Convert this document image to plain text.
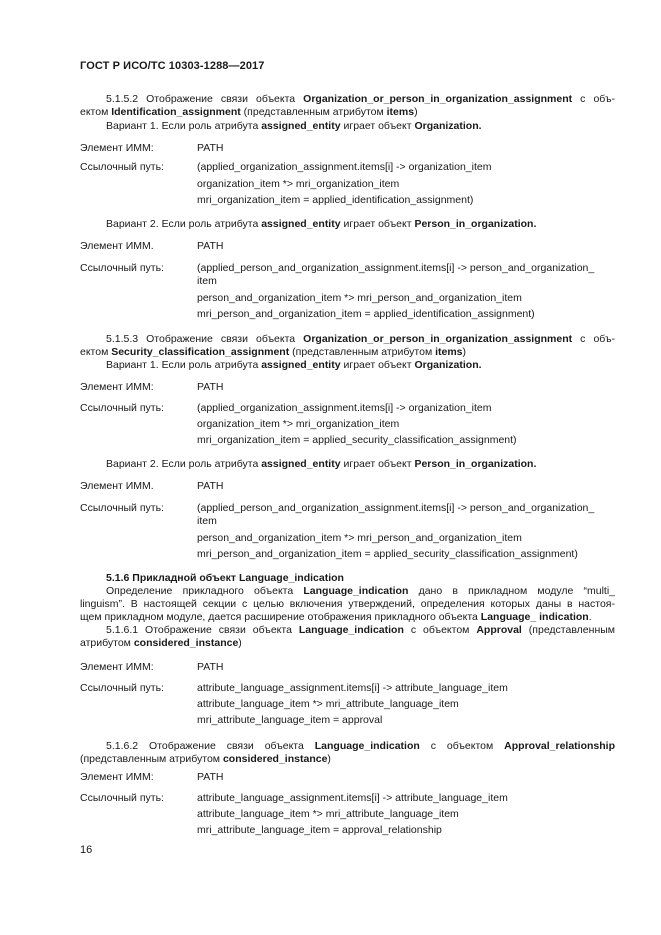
ГОСТ Р ИСО/ТС 10303-1288—2017
5.1.5.2 Отображение связи объекта Organization_or_person_in_organization_assignment с объ-
ектом Identification_assignment (представленным атрибутом items)
Вариант 1. Если роль атрибута assigned_entity играет объект Organization.
Элемент ИММ:	PATH
Ссылочный путь:	(applied_organization_assignment.items[i] -> organization_item
organization_item *> mri_organization_item
mri_organization_item = applied_identification_assignment)
Вариант 2. Если роль атрибута assigned_entity играет объект Person_in_organization.
Элемент ИММ.	PATH
Ссылочный путь:	(applied_person_and_organization_assignment.items[i] -> person_and_organization_
item
person_and_organization_item *> mri_person_and_organization_item
mri_person_and_organization_item = applied_identification_assignment)
5.1.5.3 Отображение связи объекта Organization_or_person_in_organization_assignment с объ-
ектом Security_classification_assignment (представленным атрибутом items)
Вариант 1. Если роль атрибута assigned_entity играет объект Organization.
Элемент ИММ:	PATH
Ссылочный путь:	(applied_organization_assignment.items[i] -> organization_item
organization_item *> mri_organization_item
mri_organization_item = applied_security_classification_assignment)
Вариант 2. Если роль атрибута assigned_entity играет объект Person_in_organization.
Элемент ИММ.	PATH
Ссылочный путь:	(applied_person_and_organization_assignment.items[i] -> person_and_organization_
item
person_and_organization_item *> mri_person_and_organization_item
mri_person_and_organization_item = applied_security_classification_assignment)
5.1.6 Прикладной объект Language_indication
Определение прикладного объекта Language_indication дано в прикладном модуле “multi_
linguism”. В настоящей секции с целью включения утверждений, определения которых даны в настоя-
щем прикладном модуле, дается расширение отображения прикладного объекта Language_ indication.
5.1.6.1 Отображение связи объекта Language_indication с объектом Approval (представленным
атрибутом considered_instance)
Элемент ИММ:	PATH
Ссылочный путь:	attribute_language_assignment.items[i] -> attribute_language_item
attribute_language_item *> mri_attribute_language_item
mri_attribute_language_item = approval
5.1.6.2 Отображение связи объекта Language_indication с объектом Approval_relationship
(представленным атрибутом considered_instance)
Элемент ИММ:	PATH
Ссылочный путь:	attribute_language_assignment.items[i] -> attribute_language_item
attribute_language_item *> mri_attribute_language_item
mri_attribute_language_item = approval_relationship
16
